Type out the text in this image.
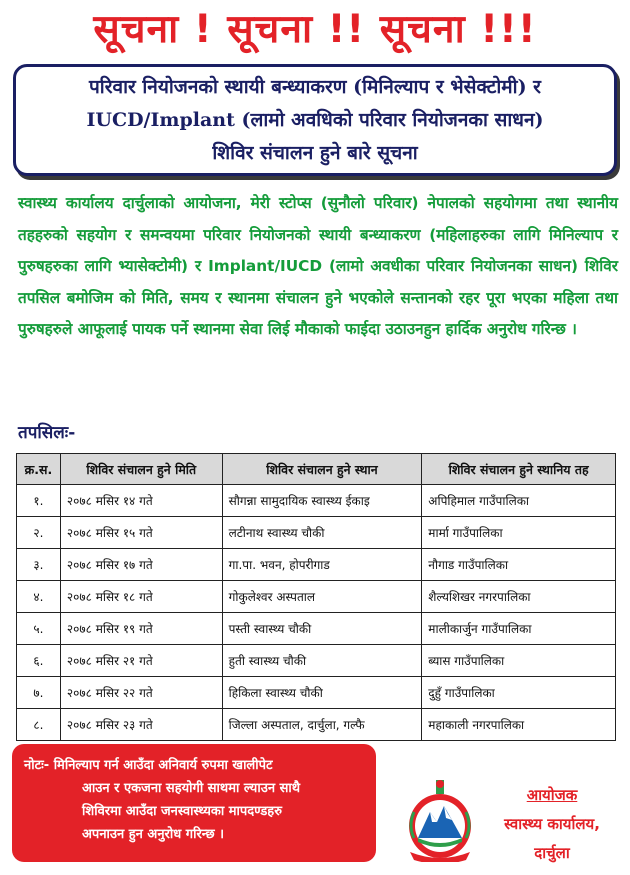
सूचना ! सूचना !! सूचना !!!
परिवार नियोजनको स्थायी बन्ध्याकरण (मिनिल्याप र भेसेक्टोमी) र
IUCD/Implant (लामो अवधिको परिवार नियोजनका साधन)
शिविर संचालन हुने बारे सूचना

स्वास्थ्य कार्यालय दार्चुलाको आयोजना, मेरी स्टोप्स (सुनौलो परिवार) नेपालको सहयोगमा तथा स्थानीय तहहरुको सहयोग र समन्वयमा परिवार नियोजनको स्थायी बन्ध्याकरण (महिलाहरुका लागि मिनिल्याप र पुरुषहरुका लागि भ्यासेक्टोमी) र Implant/IUCD (लामो अवधीका परिवार नियोजनका साधन) शिविर तपसिल बमोजिम को मिति, समय र स्थानमा संचालन हुने भएकोले सन्तानको रहर पूरा भएका महिला तथा पुरुषहरुले आफूलाई पायक पर्ने स्थानमा सेवा लिई मौकाको फाईदा उठाउनहुन हार्दिक अनुरोध गरिन्छ ।

तपसिलः-
क्र.स.	शिविर संचालन हुने मिति	शिविर संचालन हुने स्थान	शिविर संचालन हुने स्थानिय तह
१.	२०७८ मसिर १४ गते	सौगन्ना सामुदायिक स्वास्थ्य ईकाइ	अपिहिमाल गाउँपालिका
२.	२०७८ मसिर १५ गते	लटीनाथ स्वास्थ्य चौकी	मार्मा गाउँपालिका
३.	२०७८ मसिर १७ गते	गा.पा. भवन, होपरीगाड	नौगाड गाउँपालिका
४.	२०७८ मसिर १८ गते	गोकुलेश्वर अस्पताल	शैल्यशिखर नगरपालिका
५.	२०७८ मसिर १९ गते	पस्ती स्वास्थ्य चौकी	मालीकार्जुन गाउँपालिका
६.	२०७८ मसिर २१ गते	हुती स्वास्थ्य चौकी	ब्यास गाउँपालिका
७.	२०७८ मसिर २२ गते	हिकिला स्वास्थ्य चौकी	दुहुँ गाउँपालिका
८.	२०७८ मसिर २३ गते	जिल्ला अस्पताल, दार्चुला, गल्फै	महाकाली नगरपालिका
नोटः- मिनिल्याप गर्न आउँदा अनिवार्य रुपमा खालीपेट
आउन र एकजना सहयोगी साथमा ल्याउन साथै
शिविरमा आउँदा जनस्वास्थ्यका मापदण्डहरु
अपनाउन हुन अनुरोध गरिन्छ ।
आयोजक
स्वास्थ्य कार्यालय,
दार्चुला
